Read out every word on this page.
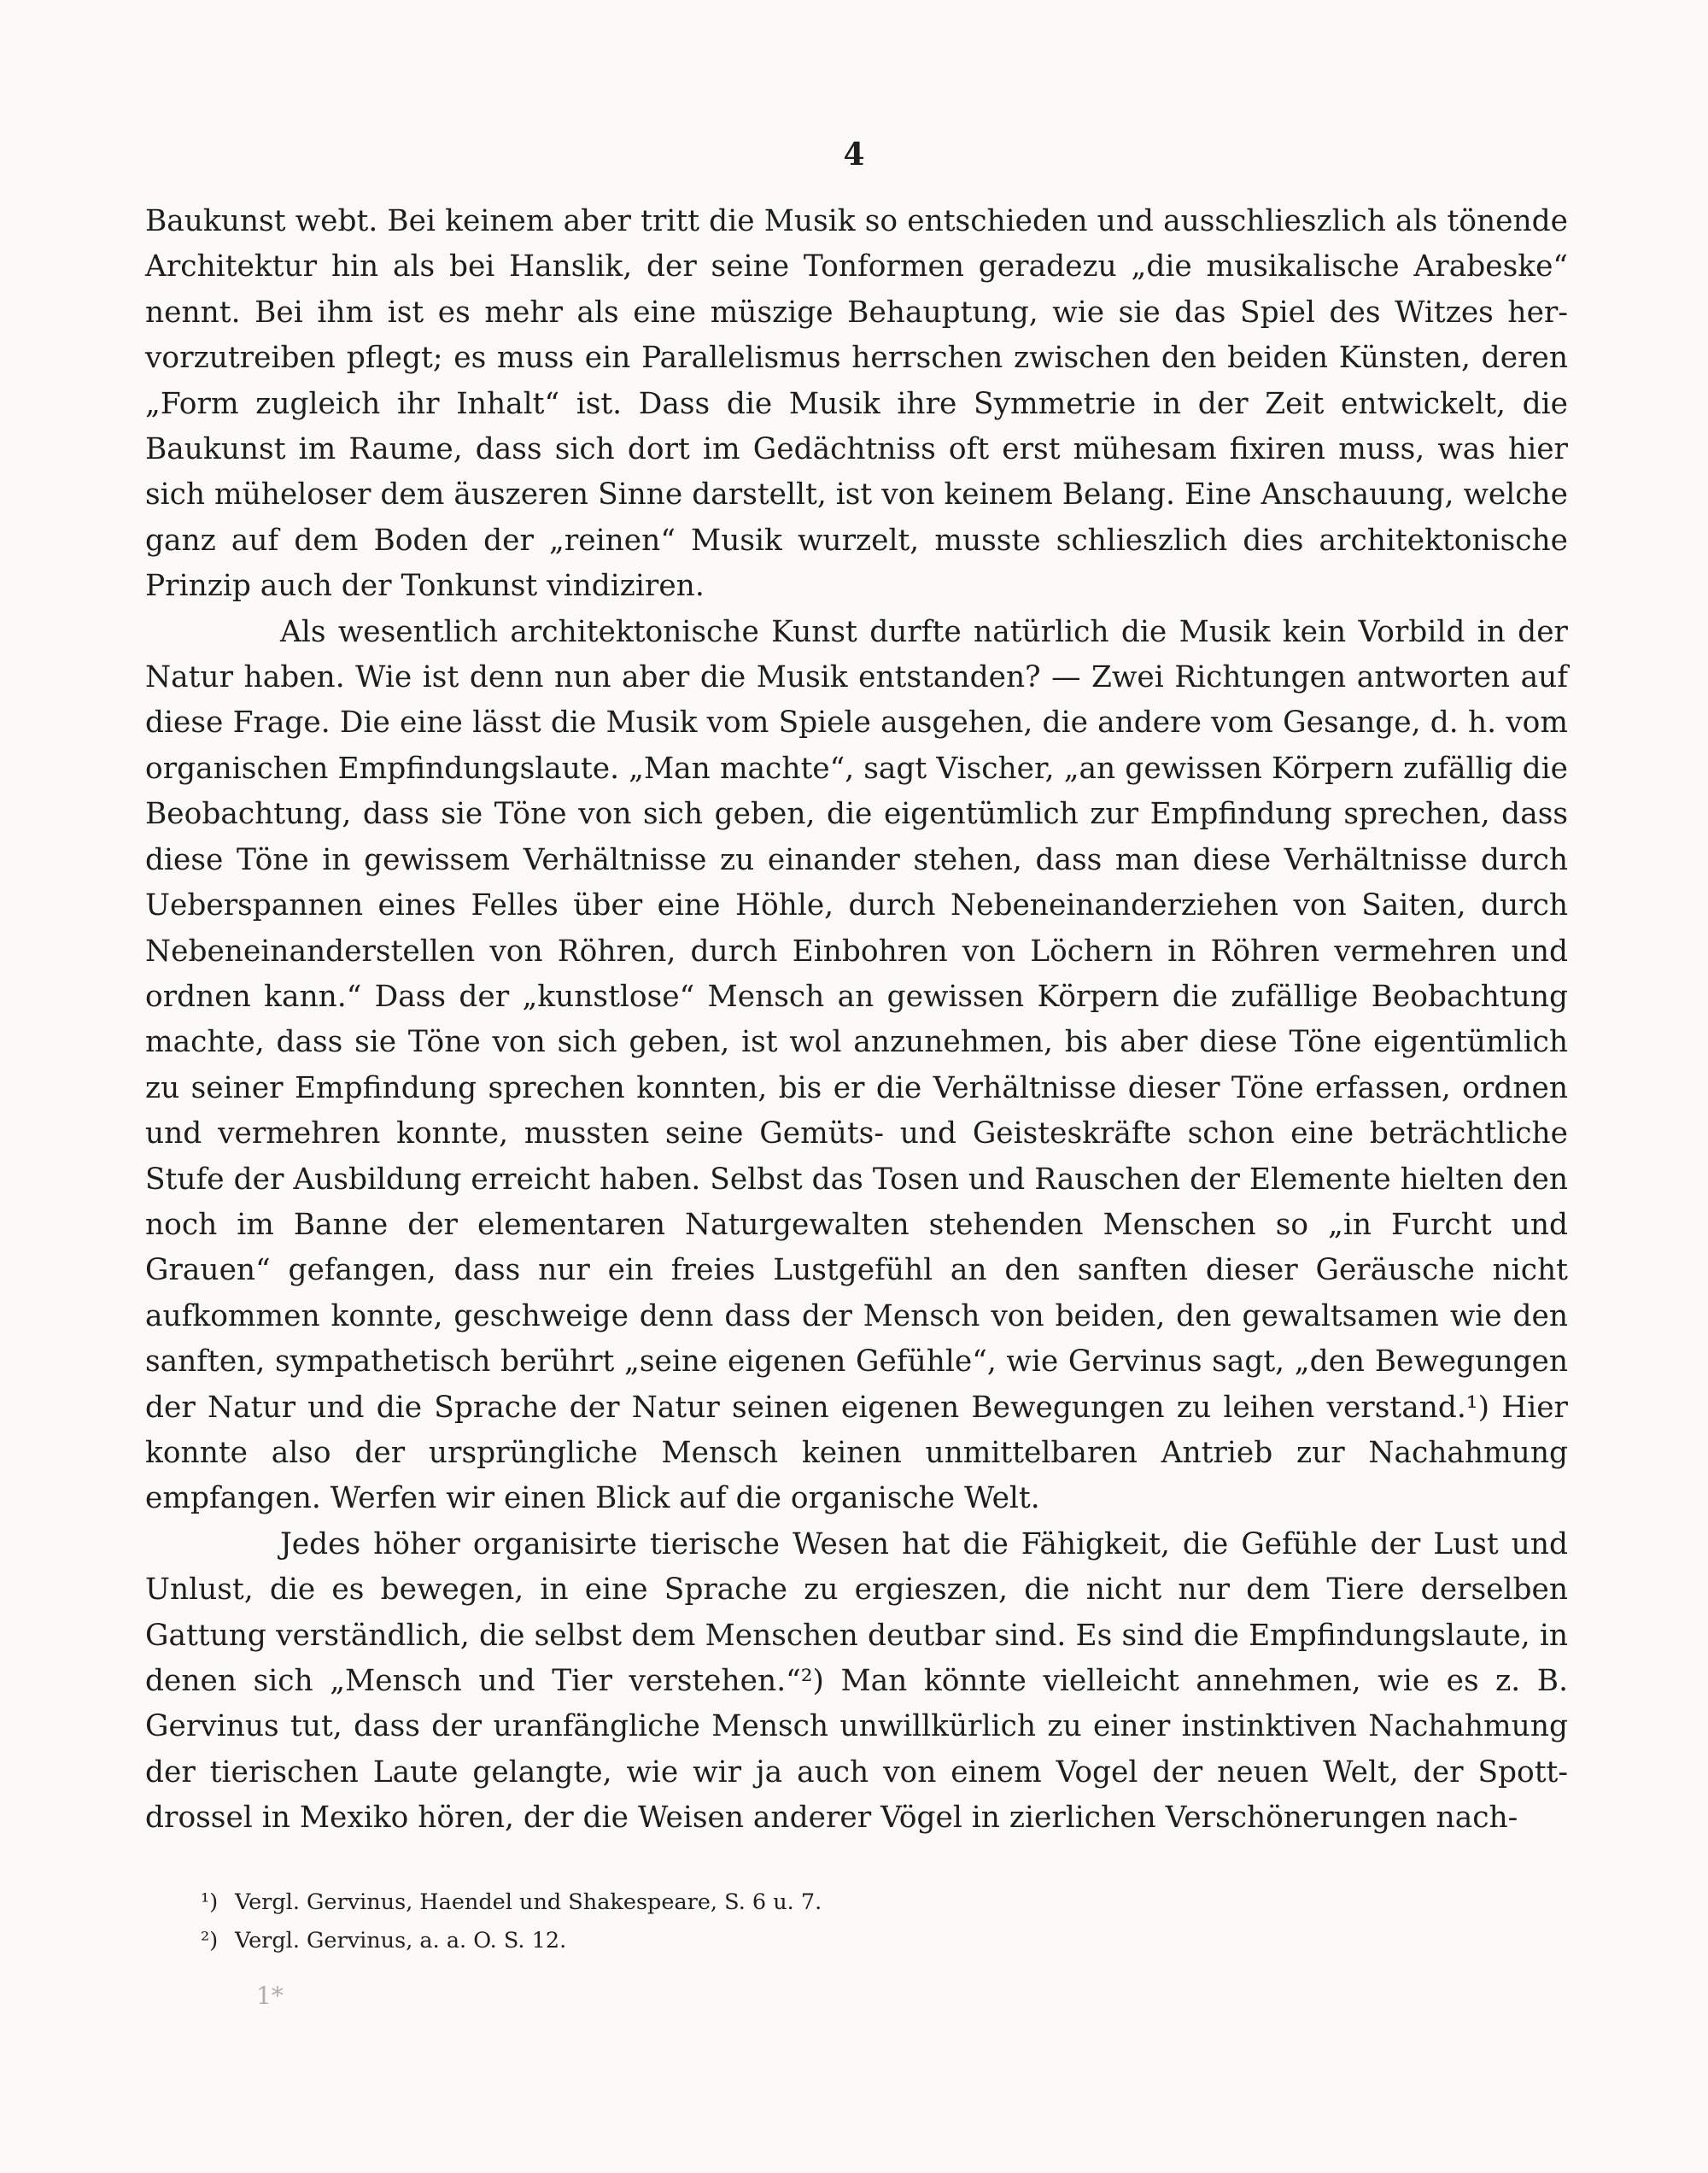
4

Baukunst webt. Bei keinem aber tritt die Musik so entschieden und ausschlieszlich als tönende Architektur hin als bei Hanslik, der seine Tonformen geradezu „die musikalische Arabeske“ nennt. Bei ihm ist es mehr als eine müszige Behauptung, wie sie das Spiel des Witzes hervorzutreiben pflegt; es muss ein Parallelismus herrschen zwischen den beiden Künsten, deren „Form zugleich ihr Inhalt“ ist. Dass die Musik ihre Symmetrie in der Zeit entwickelt, die Baukunst im Raume, dass sich dort im Gedächtniss oft erst mühesam fixiren muss, was hier sich müheloser dem äuszeren Sinne darstellt, ist von keinem Belang. Eine Anschauung, welche ganz auf dem Boden der „reinen“ Musik wurzelt, musste schlieszlich dies architektonische Prinzip auch der Tonkunst vindiziren.

Als wesentlich architektonische Kunst durfte natürlich die Musik kein Vorbild in der Natur haben. Wie ist denn nun aber die Musik entstanden? — Zwei Richtungen antworten auf diese Frage. Die eine lässt die Musik vom Spiele ausgehen, die andere vom Gesange, d. h. vom organischen Empfindungslaute. „Man machte“, sagt Vischer, „an gewissen Körpern zufällig die Beobachtung, dass sie Töne von sich geben, die eigentümlich zur Empfindung sprechen, dass diese Töne in gewissem Verhältnisse zu einander stehen, dass man diese Verhältnisse durch Ueberspannen eines Felles über eine Höhle, durch Nebeneinanderziehen von Saiten, durch Nebeneinanderstellen von Röhren, durch Einbohren von Löchern in Röhren vermehren und ordnen kann.“ Dass der „kunstlose“ Mensch an gewissen Körpern die zufällige Beobachtung machte, dass sie Töne von sich geben, ist wol anzunehmen, bis aber diese Töne eigentümlich zu seiner Empfindung sprechen konnten, bis er die Verhältnisse dieser Töne erfassen, ordnen und vermehren konnte, mussten seine Gemüts- und Geisteskräfte schon eine beträchtliche Stufe der Ausbildung erreicht haben. Selbst das Tosen und Rauschen der Elemente hielten den noch im Banne der elementaren Naturgewalten stehenden Menschen so „in Furcht und Grauen“ gefangen, dass nur ein freies Lustgefühl an den sanften dieser Geräusche nicht aufkommen konnte, geschweige denn dass der Mensch von beiden, den gewaltsamen wie den sanften, sympathetisch berührt „seine eigenen Gefühle“, wie Gervinus sagt, „den Bewegungen der Natur und die Sprache der Natur seinen eigenen Bewegungen zu leihen verstand.¹) Hier konnte also der ursprüngliche Mensch keinen unmittelbaren Antrieb zur Nachahmung empfangen. Werfen wir einen Blick auf die organische Welt.

Jedes höher organisirte tierische Wesen hat die Fähigkeit, die Gefühle der Lust und Unlust, die es bewegen, in eine Sprache zu ergieszen, die nicht nur dem Tiere derselben Gattung verständlich, die selbst dem Menschen deutbar sind. Es sind die Empfindungslaute, in denen sich „Mensch und Tier verstehen.“²) Man könnte vielleicht annehmen, wie es z. B. Gervinus tut, dass der uranfängliche Mensch unwillkürlich zu einer instinktiven Nachahmung der tierischen Laute gelangte, wie wir ja auch von einem Vogel der neuen Welt, der Spottdrossel in Mexiko hören, der die Weisen anderer Vögel in zierlichen Verschönerungen nach-

¹) Vergl. Gervinus, Haendel und Shakespeare, S. 6 u. 7.

²) Vergl. Gervinus, a. a. O. S. 12.

1*
